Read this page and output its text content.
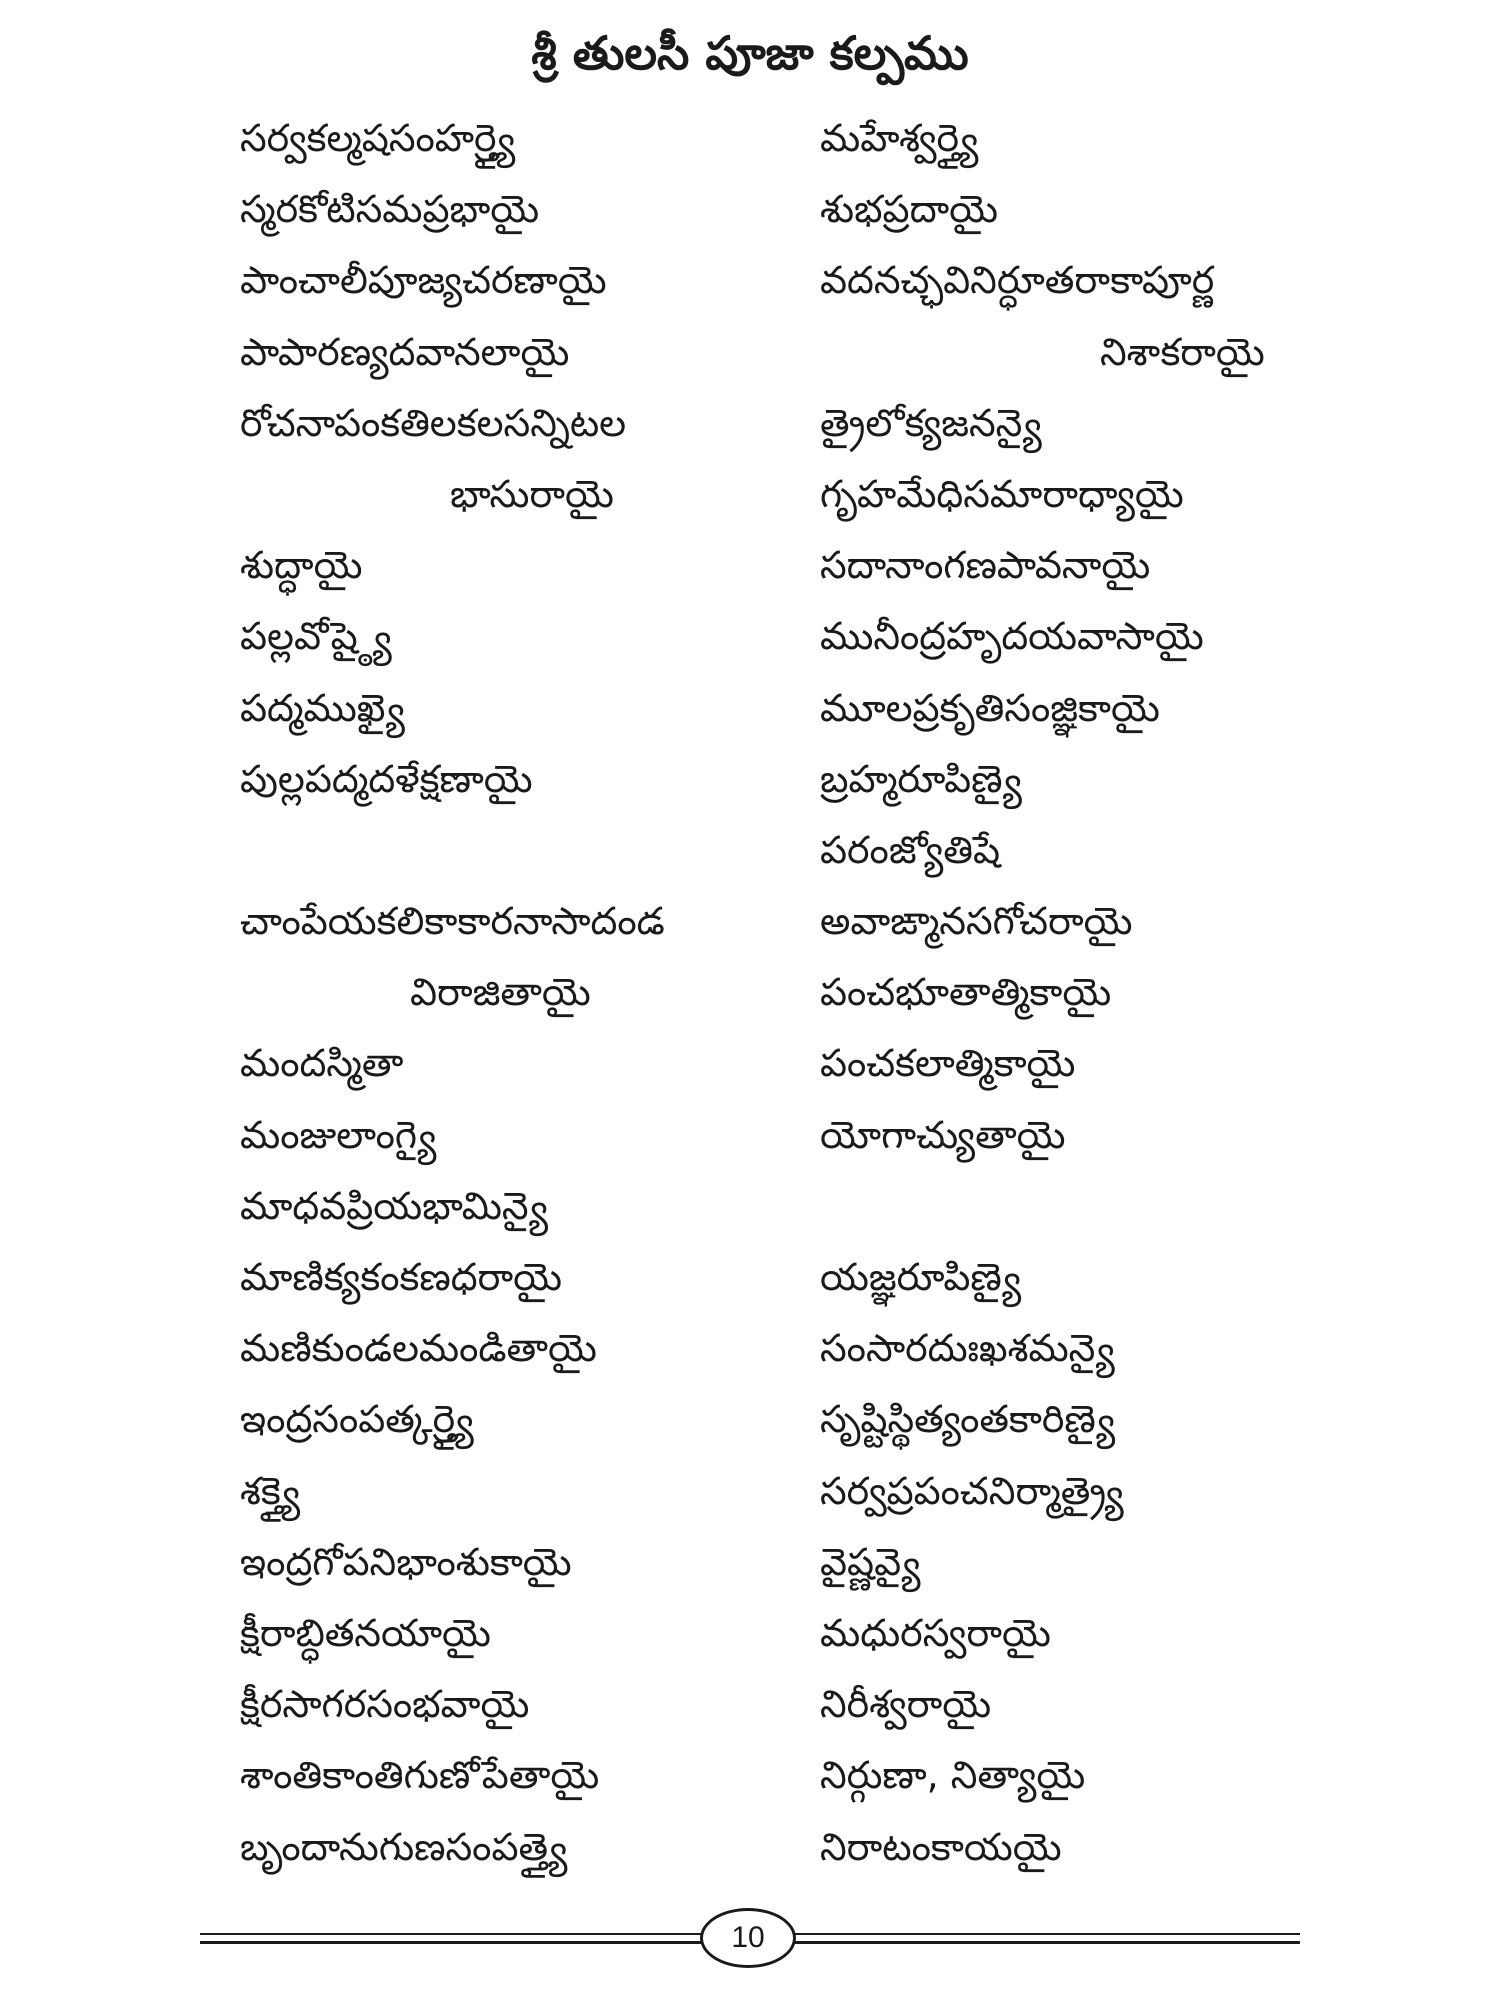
శ్రీ తులసీ పూజా కల్పము
సర్వకల్మషసంహర్త్ర్యై
స్మరకోటిసమప్రభాయై
పాంచాలీపూజ్యచరణాయై
పాపారణ్యదవానలాయై
రోచనాపంకతిలకలసన్నిటల
భాసురాయై
శుద్ధాయై
పల్లవోష్ఠ్యై
పద్మముఖ్యై
పుల్లపద్మదళేక్షణాయై
చాంపేయకలికాకారనాసాదండ
విరాజితాయై
మందస్మితా
మంజులాంగ్యై
మాధవప్రియభామిన్యై
మాణిక్యకంకణధరాయై
మణికుండలమండితాయై
ఇంద్రసంపత్కర్త్ర్యై
శక్త్యై
ఇంద్రగోపనిభాంశుకాయై
క్షీరాబ్ధితనయాయై
క్షీరసాగరసంభవాయై
శాంతికాంతిగుణోపేతాయై
బృందానుగుణసంపత్త్యై
మహేశ్వర్త్యై
శుభప్రదాయై
వదనచ్ఛవినిర్ధూతరాకాపూర్ణ
నిశాకరాయై
త్రైలోక్యజనన్యై
గృహమేధిసమారాధ్యాయై
సదానాంగణపావనాయై
మునీంద్రహృదయవాసాయై
మూలప్రకృతిసంజ్ఞికాయై
బ్రహ్మరూపిణ్యై
పరంజ్యోతిషే
అవాఙ్మానసగోచరాయై
పంచభూతాత్మికాయై
పంచకలాత్మికాయై
యోగాచ్యుతాయై
యజ్ఞరూపిణ్యై
సంసారదుఃఖశమన్యై
సృష్టిస్థిత్యంతకారిణ్యై
సర్వప్రపంచనిర్మాత్ర్యై
వైష్ణవ్యై
మధురస్వరాయై
నిరీశ్వరాయై
నిర్గుణా, నిత్యాయై
నిరాటంకాయయై
10
